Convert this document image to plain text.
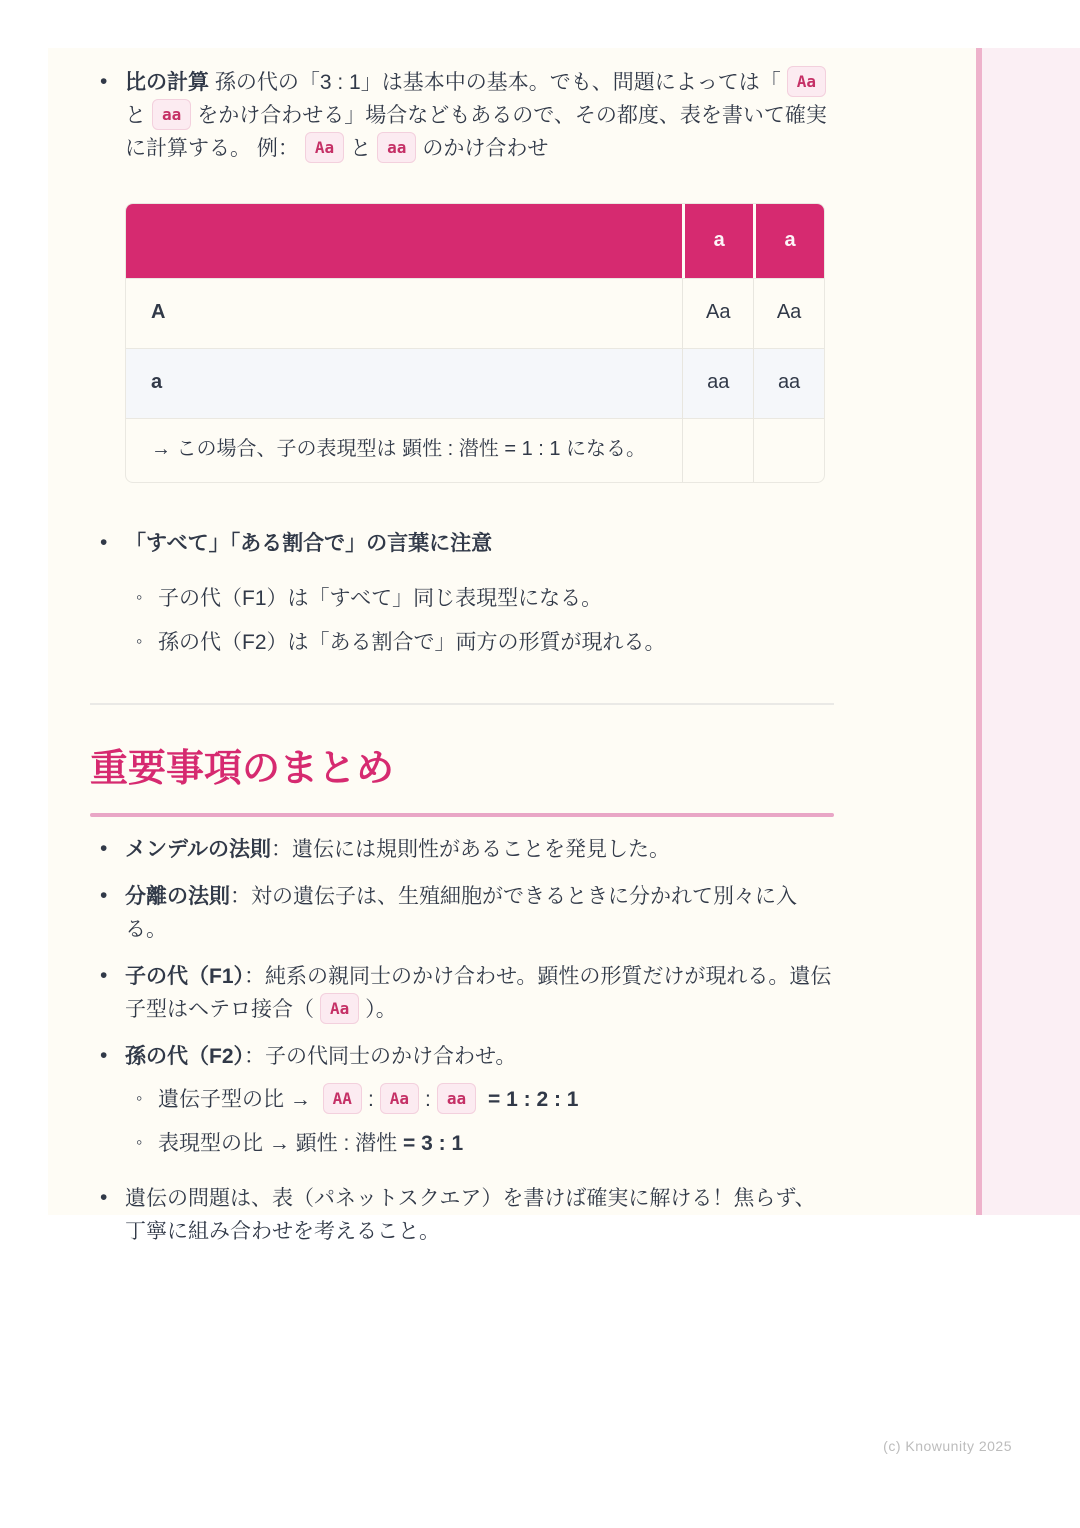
•
比の計算 孫の代の「3 : 1」は基本中の基本。でも、問題によっては「 Aaと aa をかけ合わせる」場合などもあるので、その都度、表を書いて確実に計算する。 例： Aa と aa のかけ合わせ
	a	a
A	Aa	Aa
a	aa	aa
→ この場合、子の表現型は 顕性 : 潜性 = 1 : 1 になる。		
•
「すべて」「ある割合で」の言葉に注意
◦
子の代（F1）は「すべて」同じ表現型になる。
◦
孫の代（F2）は「ある割合で」両方の形質が現れる。
重要事項のまとめ
•
メンデルの法則：遺伝には規則性があることを発見した。
•
分離の法則：対の遺伝子は、生殖細胞ができるときに分かれて別々に入る。
•
子の代（F1）：純系の親同士のかけ合わせ。顕性の形質だけが現れる。遺伝子型はヘテロ接合（ Aa ）。
•
孫の代（F2）：子の代同士のかけ合わせ。
◦
遺伝子型の比 → AA : Aa : aa = 1 : 2 : 1
◦
表現型の比 → 顕性 : 潜性 = 3 : 1
•
遺伝の問題は、表（パネットスクエア）を書けば確実に解ける！焦らず、丁寧に組み合わせを考えること。
(c) Knowunity 2025
